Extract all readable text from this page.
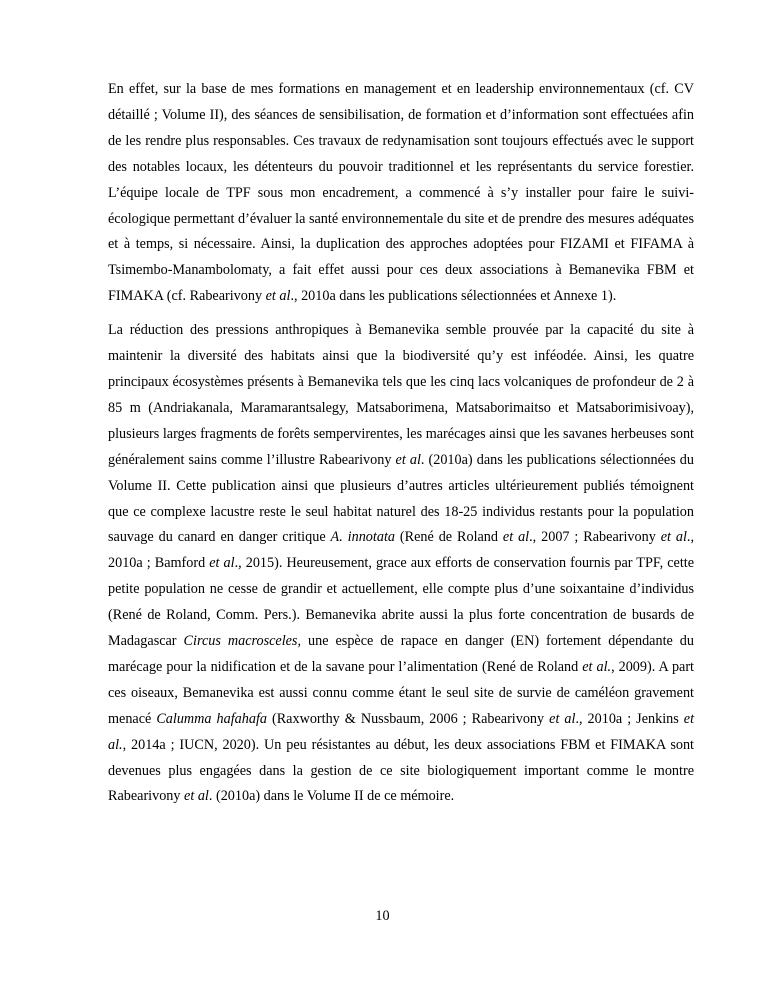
En effet, sur la base de mes formations en management et en leadership environnementaux (cf. CV détaillé ; Volume II), des séances de sensibilisation, de formation et d’information sont effectuées afin de les rendre plus responsables. Ces travaux de redynamisation sont toujours effectués avec le support des notables locaux, les détenteurs du pouvoir traditionnel et les représentants du service forestier. L’équipe locale de TPF sous mon encadrement, a commencé à s’y installer pour faire le suivi-écologique permettant d’évaluer la santé environnementale du site et de prendre des mesures adéquates et à temps, si nécessaire. Ainsi, la duplication des approches adoptées pour FIZAMI et FIFAMA à Tsimembo-Manambolomaty, a fait effet aussi pour ces deux associations à Bemanevika FBM et FIMAKA (cf. Rabearivony et al., 2010a dans les publications sélectionnées et Annexe 1).

La réduction des pressions anthropiques à Bemanevika semble prouvée par la capacité du site à maintenir la diversité des habitats ainsi que la biodiversité qu’y est inféodée. Ainsi, les quatre principaux écosystèmes présents à Bemanevika tels que les cinq lacs volcaniques de profondeur de 2 à 85 m (Andriakanala, Maramarantsalegy, Matsaborimena, Matsaborimaitso et Matsaborimisivoay), plusieurs larges fragments de forêts sempervirentes, les marécages ainsi que les savanes herbeuses sont généralement sains comme l’illustre Rabearivony et al. (2010a) dans les publications sélectionnées du Volume II. Cette publication ainsi que plusieurs d’autres articles ultérieurement publiés témoignent que ce complexe lacustre reste le seul habitat naturel des 18-25 individus restants pour la population sauvage du canard en danger critique A. innotata (René de Roland et al., 2007 ; Rabearivony et al., 2010a ; Bamford et al., 2015). Heureusement, grace aux efforts de conservation fournis par TPF, cette petite population ne cesse de grandir et actuellement, elle compte plus d’une soixantaine d’individus (René de Roland, Comm. Pers.). Bemanevika abrite aussi la plus forte concentration de busards de Madagascar Circus macrosceles, une espèce de rapace en danger (EN) fortement dépendante du marécage pour la nidification et de la savane pour l’alimentation (René de Roland et al., 2009). A part ces oiseaux, Bemanevika est aussi connu comme étant le seul site de survie de caméléon gravement menacé Calumma hafahafa (Raxworthy & Nussbaum, 2006 ; Rabearivony et al., 2010a ; Jenkins et al., 2014a ; IUCN, 2020). Un peu résistantes au début, les deux associations FBM et FIMAKA sont devenues plus engagées dans la gestion de ce site biologiquement important comme le montre Rabearivony et al. (2010a) dans le Volume II de ce mémoire.

10
